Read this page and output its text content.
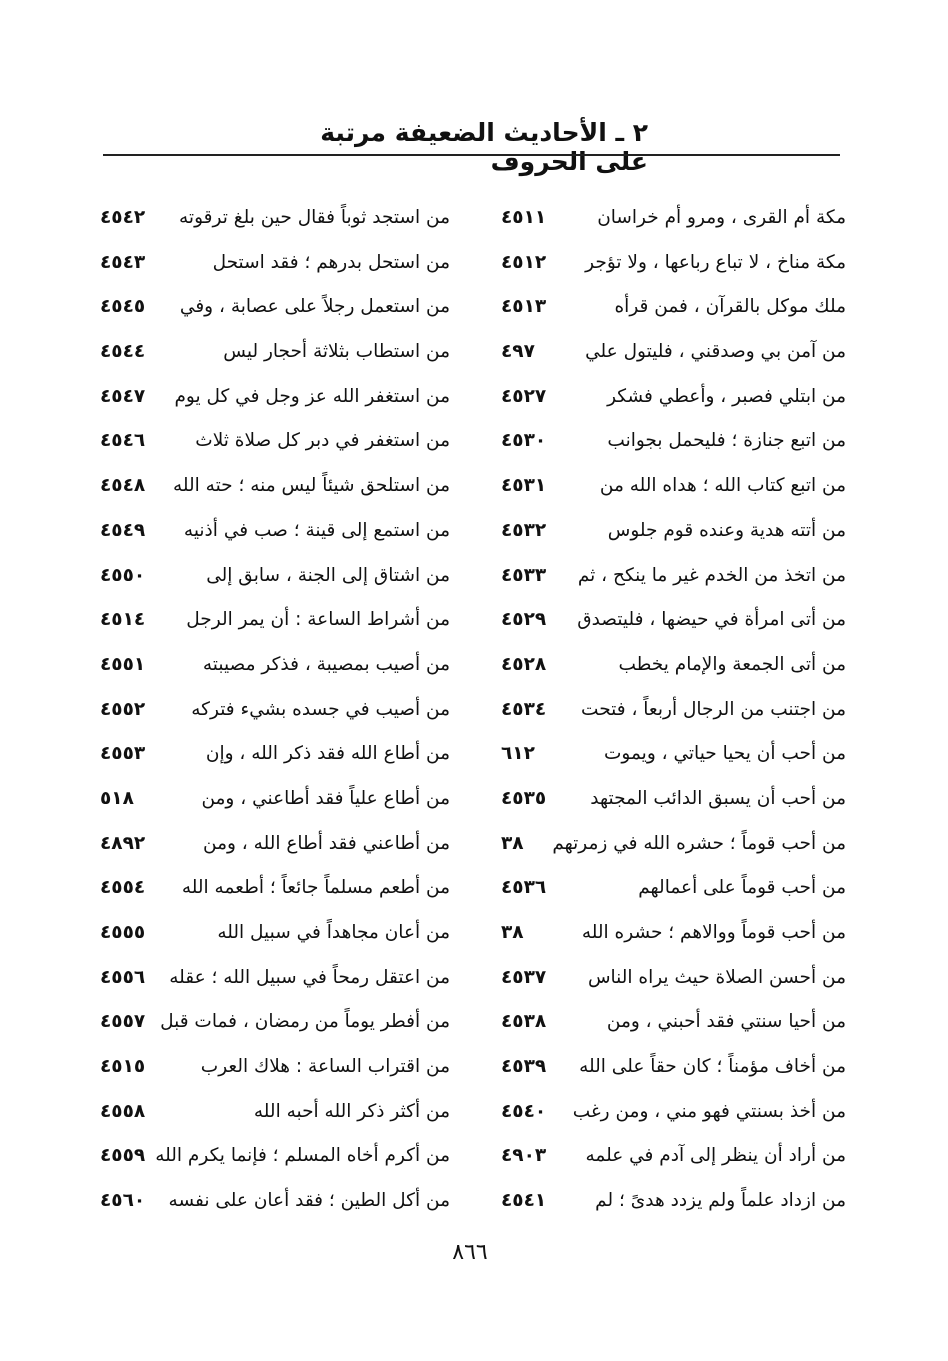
٢ ـ الأحاديث الضعيفة مرتبة على الحروف
مكة أم القرى ، ومرو أم خراسان
٤٥١١
مكة مناخ ، لا تباع رباعها ، ولا تؤجر
٤٥١٢
ملك موكل بالقرآن ، فمن قرأه
٤٥١٣
من آمن بي وصدقني ، فليتول علي
٤٩٧
من ابتلي فصبر ، وأعطي فشكر
٤٥٢٧
من اتبع جنازة ؛ فليحمل بجوانب
٤٥٣٠
من اتبع كتاب الله ؛ هداه الله من
٤٥٣١
من أتته هدية وعنده قوم جلوس
٤٥٣٢
من اتخذ من الخدم غير ما ينكح ، ثم
٤٥٣٣
من أتى امرأة في حيضها ، فليتصدق
٤٥٢٩
من أتى الجمعة والإمام يخطب
٤٥٢٨
من اجتنب من الرجال أربعاً ، فتحت
٤٥٣٤
من أحب أن يحيا حياتي ، ويموت
٦١٢
من أحب أن يسبق الدائب المجتهد
٤٥٣٥
من أحب قوماً ؛ حشره الله في زمرتهم
٣٨
من أحب قوماً على أعمالهم
٤٥٣٦
من أحب قوماً ووالاهم ؛ حشره الله
٣٨
من أحسن الصلاة حيث يراه الناس
٤٥٣٧
من أحيا سنتي فقد أحبني ، ومن
٤٥٣٨
من أخاف مؤمناً ؛ كان حقاً على الله
٤٥٣٩
من أخذ بسنتي فهو مني ، ومن رغب
٤٥٤٠
من أراد أن ينظر إلى آدم في علمه
٤٩٠٣
من ازداد علماً ولم يزدد هدىً ؛ لم
٤٥٤١
من استجد ثوباً فقال حين بلغ ترقوته
٤٥٤٢
من استحل بدرهم ؛ فقد استحل
٤٥٤٣
من استعمل رجلاً على عصابة ، وفي
٤٥٤٥
من استطاب بثلاثة أحجار ليس
٤٥٤٤
من استغفر الله عز وجل في كل يوم
٤٥٤٧
من استغفر في دبر كل صلاة ثلاث
٤٥٤٦
من استلحق شيئاً ليس منه ؛ حته الله
٤٥٤٨
من استمع إلى قينة ؛ صب في أذنيه
٤٥٤٩
من اشتاق إلى الجنة ، سابق إلى
٤٥٥٠
من أشراط الساعة : أن يمر الرجل
٤٥١٤
من أصيب بمصيبة ، فذكر مصيبته
٤٥٥١
من أصيب في جسده بشيء فتركه
٤٥٥٢
من أطاع الله فقد ذكر الله ، وإن
٤٥٥٣
من أطاع علياً فقد أطاعني ، ومن
٥١٨
من أطاعني فقد أطاع الله ، ومن
٤٨٩٢
من أطعم مسلماً جائعاً ؛ أطعمه الله
٤٥٥٤
من أعان مجاهداً في سبيل الله
٤٥٥٥
من اعتقل رمحاً في سبيل الله ؛ عقله
٤٥٥٦
من أفطر يوماً من رمضان ، فمات قبل
٤٥٥٧
من اقتراب الساعة : هلاك العرب
٤٥١٥
من أكثر ذكر الله أحبه الله
٤٥٥٨
من أكرم أخاه المسلم ؛ فإنما يكرم الله
٤٥٥٩
من أكل الطين ؛ فقد أعان على نفسه
٤٥٦٠
٨٦٦
